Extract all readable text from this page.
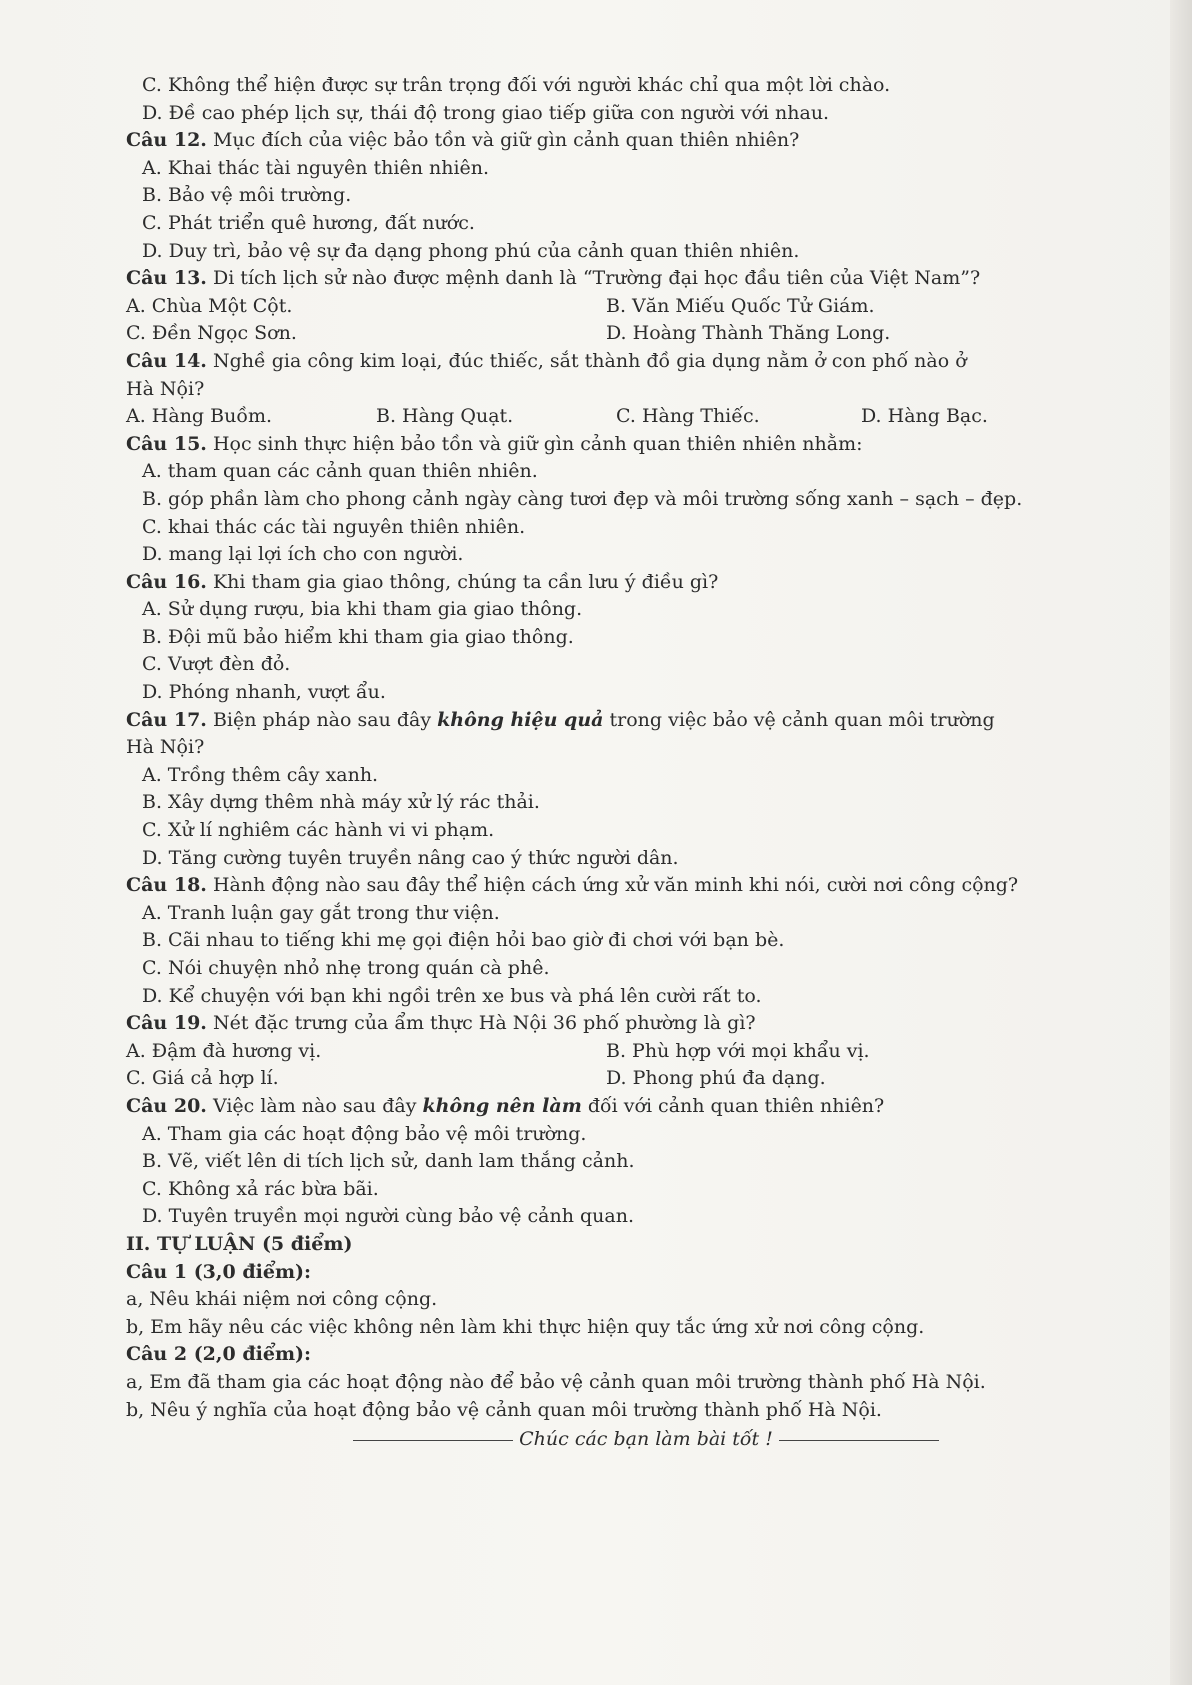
C. Không thể hiện được sự trân trọng đối với người khác chỉ qua một lời chào.
D. Đề cao phép lịch sự, thái độ trong giao tiếp giữa con người với nhau.
Câu 12. Mục đích của việc bảo tồn và giữ gìn cảnh quan thiên nhiên?
A. Khai thác tài nguyên thiên nhiên.
B. Bảo vệ môi trường.
C. Phát triển quê hương, đất nước.
D. Duy trì, bảo vệ sự đa dạng phong phú của cảnh quan thiên nhiên.
Câu 13. Di tích lịch sử nào được mệnh danh là “Trường đại học đầu tiên của Việt Nam”?
A. Chùa Một Cột.	B. Văn Miếu Quốc Tử Giám.
C. Đền Ngọc Sơn.	D. Hoàng Thành Thăng Long.
Câu 14. Nghề gia công kim loại, đúc thiếc, sắt thành đồ gia dụng nằm ở con phố nào ở
Hà Nội?
A. Hàng Buồm.	B. Hàng Quạt.	C. Hàng Thiếc.	D. Hàng Bạc.
Câu 15. Học sinh thực hiện bảo tồn và giữ gìn cảnh quan thiên nhiên nhằm:
A. tham quan các cảnh quan thiên nhiên.
B. góp phần làm cho phong cảnh ngày càng tươi đẹp và môi trường sống xanh – sạch – đẹp.
C. khai thác các tài nguyên thiên nhiên.
D. mang lại lợi ích cho con người.
Câu 16. Khi tham gia giao thông, chúng ta cần lưu ý điều gì?
A. Sử dụng rượu, bia khi tham gia giao thông.
B. Đội mũ bảo hiểm khi tham gia giao thông.
C. Vượt đèn đỏ.
D. Phóng nhanh, vượt ẩu.
Câu 17. Biện pháp nào sau đây không hiệu quả trong việc bảo vệ cảnh quan môi trường
Hà Nội?
A. Trồng thêm cây xanh.
B. Xây dựng thêm nhà máy xử lý rác thải.
C. Xử lí nghiêm các hành vi vi phạm.
D. Tăng cường tuyên truyền nâng cao ý thức người dân.
Câu 18. Hành động nào sau đây thể hiện cách ứng xử văn minh khi nói, cười nơi công cộng?
A. Tranh luận gay gắt trong thư viện.
B. Cãi nhau to tiếng khi mẹ gọi điện hỏi bao giờ đi chơi với bạn bè.
C. Nói chuyện nhỏ nhẹ trong quán cà phê.
D. Kể chuyện với bạn khi ngồi trên xe bus và phá lên cười rất to.
Câu 19. Nét đặc trưng của ẩm thực Hà Nội 36 phố phường là gì?
A. Đậm đà hương vị.	B. Phù hợp với mọi khẩu vị.
C. Giá cả hợp lí.	D. Phong phú đa dạng.
Câu 20. Việc làm nào sau đây không nên làm đối với cảnh quan thiên nhiên?
A. Tham gia các hoạt động bảo vệ môi trường.
B. Vẽ, viết lên di tích lịch sử, danh lam thắng cảnh.
C. Không xả rác bừa bãi.
D. Tuyên truyền mọi người cùng bảo vệ cảnh quan.
II. TỰ LUẬN (5 điểm)
Câu 1 (3,0 điểm):
a, Nêu khái niệm nơi công cộng.
b, Em hãy nêu các việc không nên làm khi thực hiện quy tắc ứng xử nơi công cộng.
Câu 2 (2,0 điểm):
a, Em đã tham gia các hoạt động nào để bảo vệ cảnh quan môi trường thành phố Hà Nội.
b, Nêu ý nghĩa của hoạt động bảo vệ cảnh quan môi trường thành phố Hà Nội.
Chúc các bạn làm bài tốt !
